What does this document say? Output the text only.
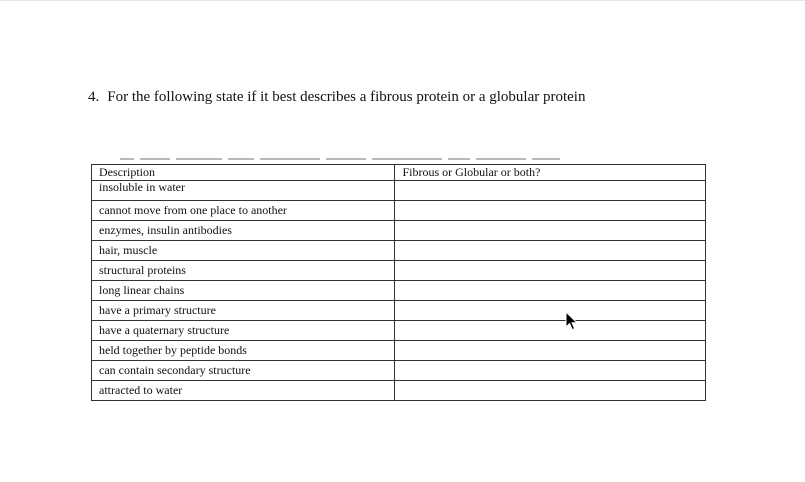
4. For the following state if it best describes a fibrous protein or a globular protein
Description	Fibrous or Globular or both?
insoluble in water	
cannot move from one place to another	
enzymes, insulin antibodies	
hair, muscle	
structural proteins	
long linear chains	
have a primary structure	
have a quaternary structure	
held together by peptide bonds	
can contain secondary structure	
attracted to water	
